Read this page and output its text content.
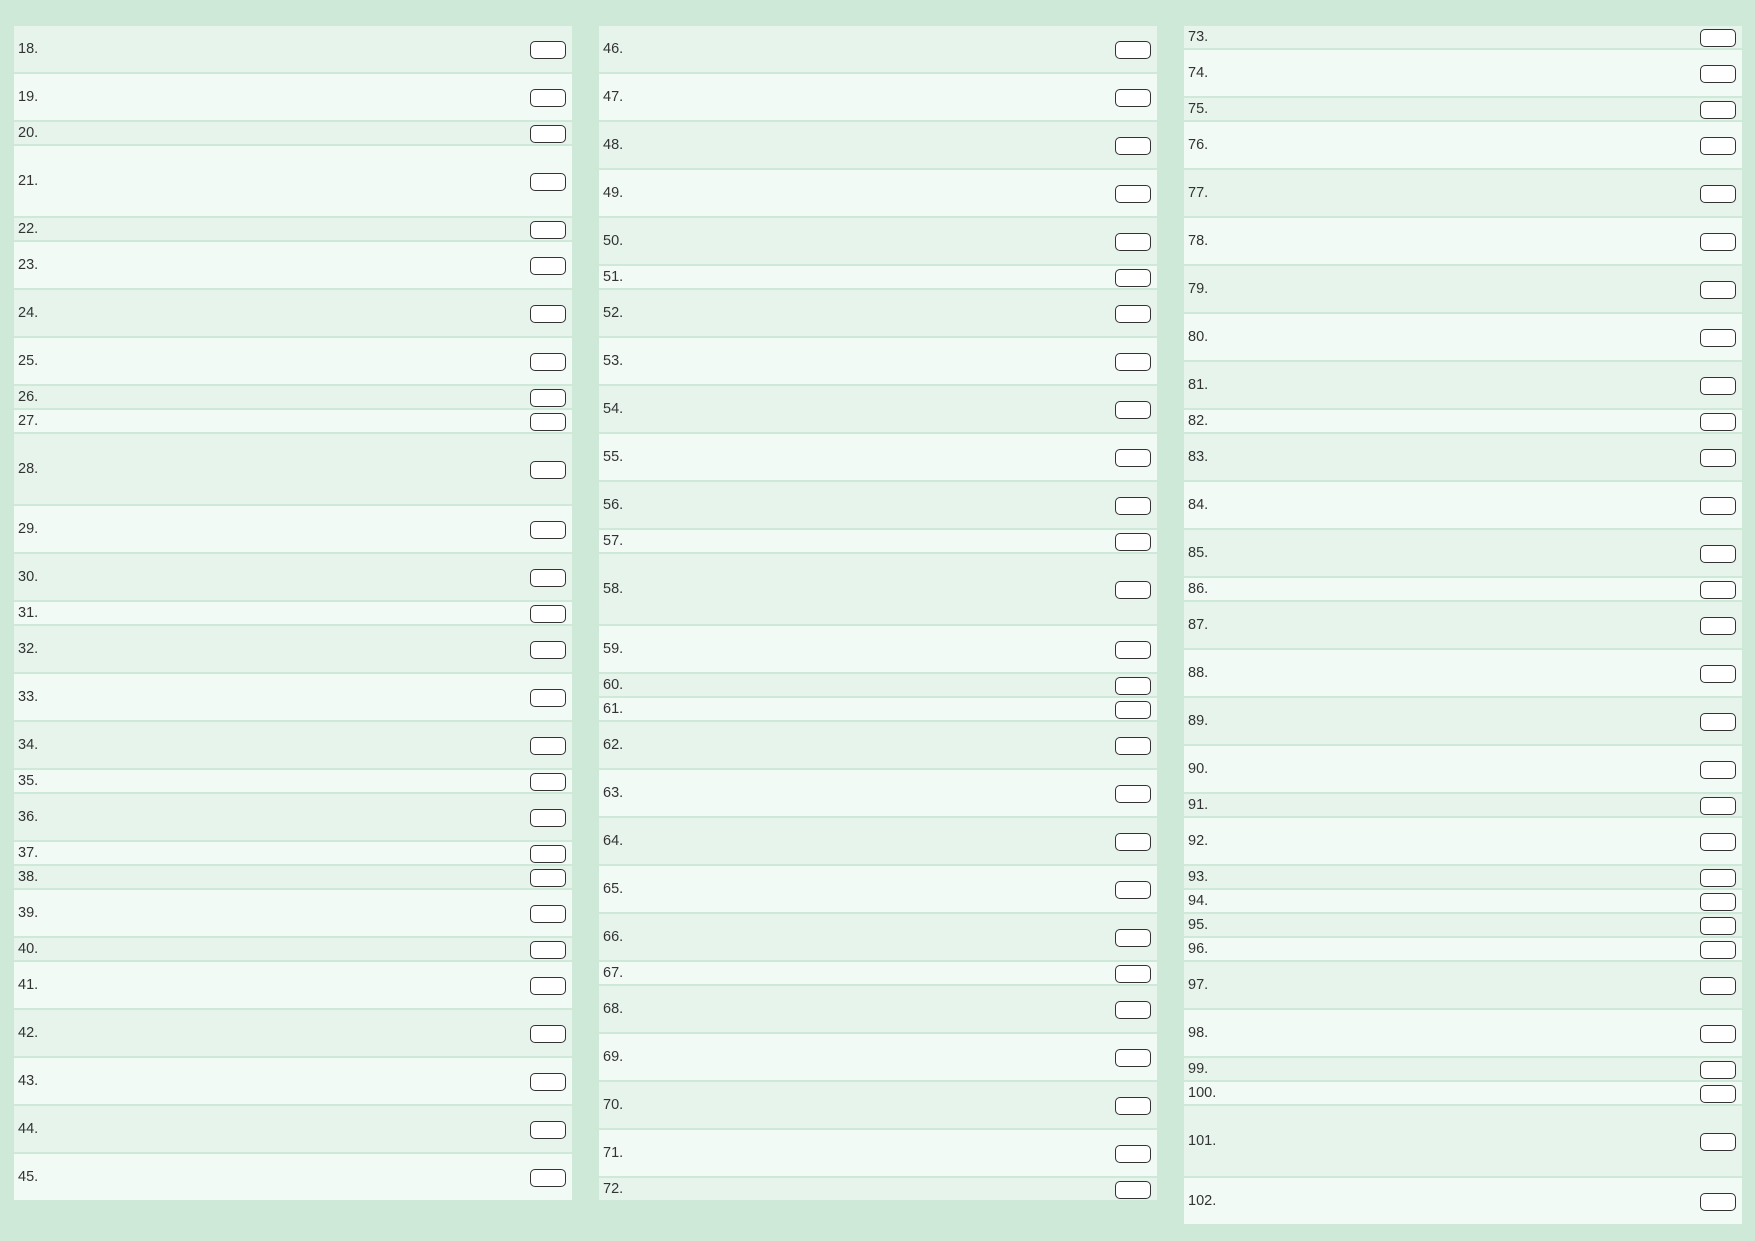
18.
19.
20.
21.
22.
23.
24.
25.
26.
27.
28.
29.
30.
31.
32.
33.
34.
35.
36.
37.
38.
39.
40.
41.
42.
43.
44.
45.
46.
47.
48.
49.
50.
51.
52.
53.
54.
55.
56.
57.
58.
59.
60.
61.
62.
63.
64.
65.
66.
67.
68.
69.
70.
71.
72.
73.
74.
75.
76.
77.
78.
79.
80.
81.
82.
83.
84.
85.
86.
87.
88.
89.
90.
91.
92.
93.
94.
95.
96.
97.
98.
99.
100.
101.
102.
